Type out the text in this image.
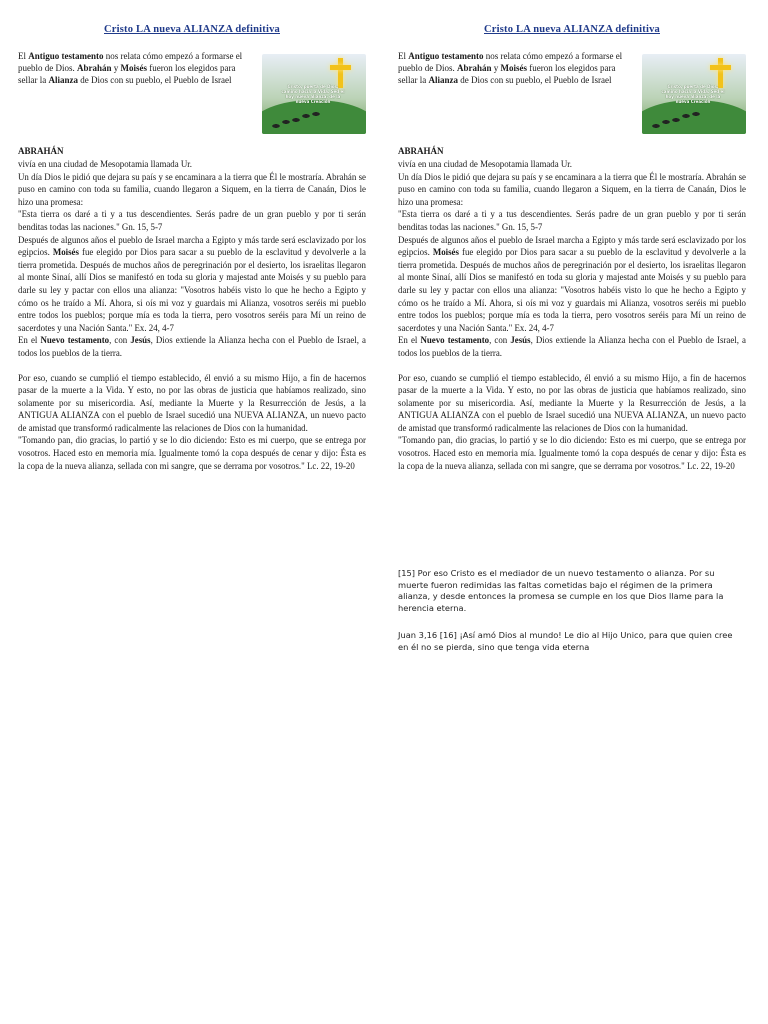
Cristo LA nueva ALIANZA definitiva

El Antiguo testamento nos relata cómo empezó a formarse el pueblo de Dios. Abrahán y Moisés fueron los elegidos para sellar la Alianza de Dios con su pueblo, el Pueblo de Israel

Cristo, puerta de Dios, camino hacia la Vida. Sed el hoy nueva alianza, de la nueva Creación
ABRAHÁN

vivía en una ciudad de Mesopotamia llamada Ur.

Un día Dios le pidió que dejara su país y se encaminara a la tierra que Él le mostraría. Abrahán se puso en camino con toda su familia, cuando llegaron a Siquem, en la tierra de Canaán, Dios le hizo una promesa:

"Esta tierra os daré a ti y a tus descendientes. Serás padre de un gran pueblo y por ti serán benditas todas las naciones." Gn. 15, 5-7

Después de algunos años el pueblo de Israel marcha a Egipto y más tarde será esclavizado por los egipcios. Moisés fue elegido por Dios para sacar a su pueblo de la esclavitud y devolverle a la tierra prometida. Después de muchos años de peregrinación por el desierto, los israelitas llegaron al monte Sinaí, allí Dios se manifestó en toda su gloria y majestad ante Moisés y su pueblo para darle su ley y pactar con ellos una alianza: "Vosotros habéis visto lo que he hecho a Egipto y cómo os he traído a Mí. Ahora, si oís mi voz y guardais mi Alianza, vosotros seréis mi pueblo entre todos los pueblos; porque mía es toda la tierra, pero vosotros seréis para Mí un reino de sacerdotes y una Nación Santa." Ex. 24, 4-7

En el Nuevo testamento, con Jesús, Dios extiende la Alianza hecha con el Pueblo de Israel, a todos los pueblos de la tierra.

Por eso, cuando se cumplió el tiempo establecido, él envió a su mismo Hijo, a fin de hacernos pasar de la muerte a la Vida. Y esto, no por las obras de justicia que habíamos realizado, sino solamente por su misericordia. Así, mediante la Muerte y la Resurrección de Jesús, a la ANTIGUA ALIANZA con el pueblo de Israel sucedió una NUEVA ALIANZA, un nuevo pacto de amistad que transformó radicalmente las relaciones de Dios con la humanidad.

"Tomando pan, dio gracias, lo partió y se lo dio diciendo: Esto es mi cuerpo, que se entrega por vosotros. Haced esto en memoria mía. Igualmente tomó la copa después de cenar y dijo: Ésta es la copa de la nueva alianza, sellada con mi sangre, que se derrama por vosotros." Lc. 22, 19-20

Cristo LA nueva ALIANZA definitiva

El Antiguo testamento nos relata cómo empezó a formarse el pueblo de Dios. Abrahán y Moisés fueron los elegidos para sellar la Alianza de Dios con su pueblo, el Pueblo de Israel

Cristo, puerta de Dios, camino hacia la Vida. Sed el hoy nueva alianza, de la nueva Creación
ABRAHÁN

vivía en una ciudad de Mesopotamia llamada Ur.

Un día Dios le pidió que dejara su país y se encaminara a la tierra que Él le mostraría. Abrahán se puso en camino con toda su familia, cuando llegaron a Siquem, en la tierra de Canaán, Dios le hizo una promesa:

"Esta tierra os daré a ti y a tus descendientes. Serás padre de un gran pueblo y por ti serán benditas todas las naciones." Gn. 15, 5-7

Después de algunos años el pueblo de Israel marcha a Egipto y más tarde será esclavizado por los egipcios. Moisés fue elegido por Dios para sacar a su pueblo de la esclavitud y devolverle a la tierra prometida. Después de muchos años de peregrinación por el desierto, los israelitas llegaron al monte Sinaí, allí Dios se manifestó en toda su gloria y majestad ante Moisés y su pueblo para darle su ley y pactar con ellos una alianza: "Vosotros habéis visto lo que he hecho a Egipto y cómo os he traído a Mí. Ahora, si oís mi voz y guardais mi Alianza, vosotros seréis mi pueblo entre todos los pueblos; porque mía es toda la tierra, pero vosotros seréis para Mí un reino de sacerdotes y una Nación Santa." Ex. 24, 4-7

En el Nuevo testamento, con Jesús, Dios extiende la Alianza hecha con el Pueblo de Israel, a todos los pueblos de la tierra.

Por eso, cuando se cumplió el tiempo establecido, él envió a su mismo Hijo, a fin de hacernos pasar de la muerte a la Vida. Y esto, no por las obras de justicia que habíamos realizado, sino solamente por su misericordia. Así, mediante la Muerte y la Resurrección de Jesús, a la ANTIGUA ALIANZA con el pueblo de Israel sucedió una NUEVA ALIANZA, un nuevo pacto de amistad que transformó radicalmente las relaciones de Dios con la humanidad.

"Tomando pan, dio gracias, lo partió y se lo dio diciendo: Esto es mi cuerpo, que se entrega por vosotros. Haced esto en memoria mía. Igualmente tomó la copa después de cenar y dijo: Ésta es la copa de la nueva alianza, sellada con mi sangre, que se derrama por vosotros." Lc. 22, 19-20

[15] Por eso Cristo es el mediador de un nuevo testamento o alianza. Por su muerte fueron redimidas las faltas cometidas bajo el régimen de la primera alianza, y desde entonces la promesa se cumple en los que Dios llame para la herencia eterna.

Juan 3,16 [16] ¡Así amó Dios al mundo! Le dio al Hijo Unico, para que quien cree en él no se pierda, sino que tenga vida eterna
